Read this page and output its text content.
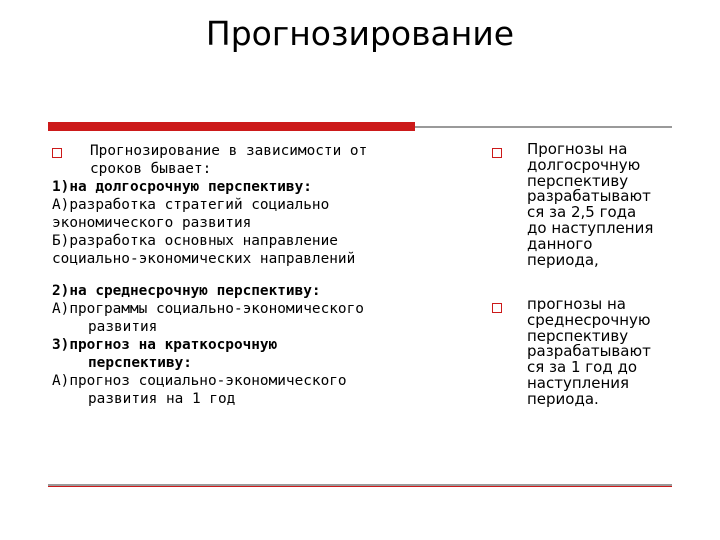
Прогнозирование

Прогнозирование в зависимости от

сроков бывает:

1)на долгосрочную перспективу:

А)разработка стратегий социально

экономического развития

Б)разработка основных направление

социально-экономических направлений

2)на среднесрочную перспективу:

А)программы социально-экономического

развития

3)прогноз на краткосрочную

перспективу:

А)прогноз социально-экономического

развития на 1 год

Прогнозы на
долгосрочную
перспективу
разрабатывают
ся за 2,5 года
до наступления
данного
периода,
прогнозы на
среднесрочную
перспективу
разрабатывают
ся за 1 год до
наступления
периода.
